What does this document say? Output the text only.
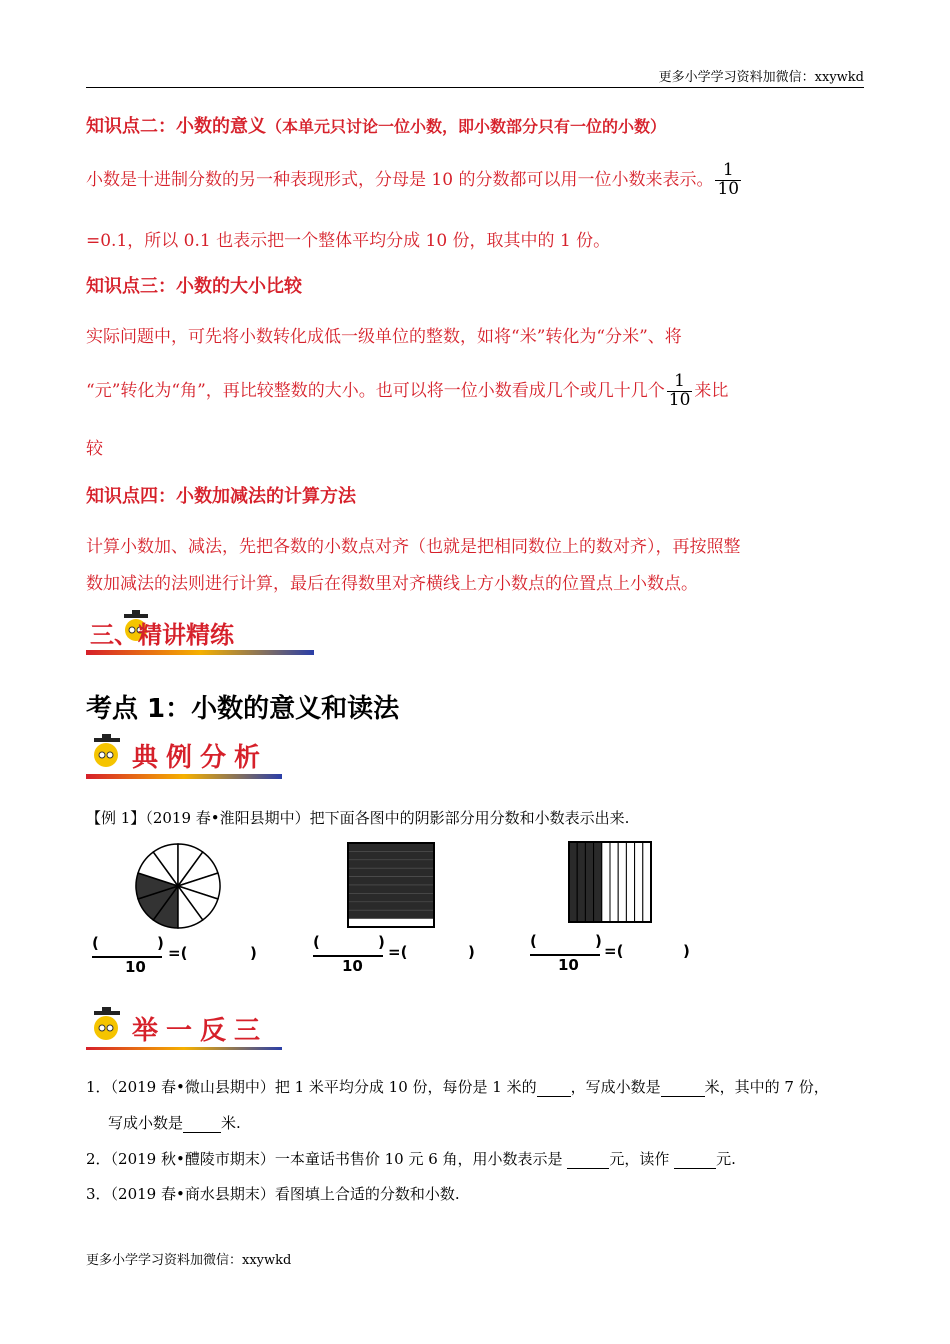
更多小学学习资料加微信：xxywkd
知识点二：小数的意义（本单元只讨论一位小数，即小数部分只有一位的小数）
小数是十进制分数的另一种表现形式，分母是 10 的分数都可以用一位小数来表示。 $\frac{1}{10}$
=0.1，所以 0.1 也表示把一个整体平均分成 10 份，取其中的 1 份。
知识点三：小数的大小比较
实际问题中，可先将小数转化成低一级单位的整数，如将“米”转化为“分米”、将
“元”转化为“角”，再比较整数的大小。也可以将一位小数看成几个或几十几个 $\frac{1}{10}$ 来比
较
知识点四：小数加减法的计算方法
计算小数加、减法，先把各数的小数点对齐（也就是把相同数位上的数对齐），再按照整
数加减法的法则进行计算，最后在得数里对齐横线上方小数点的位置点上小数点。
三、精讲精练
考点 1：小数的意义和读法
典例分析
【例 1】（2019 春•淮阳县期中）把下面各图中的阴影部分用分数和小数表示出来.
(	)
10
=(	)
(	)
10
=(	)
(	)
10
=(	)
举一反三
1．（2019 春•微山县期中）把 1 米平均分成 10 份，每份是 1 米的 ，写成小数是	米，其中的 7 份，
写成小数是	米.
2．（2019 秋•醴陵市期末）一本童话书售价 10 元 6 角，用小数表示是	元，读作	元.
3．（2019 春•商水县期末）看图填上合适的分数和小数.
更多小学学习资料加微信：xxywkd
